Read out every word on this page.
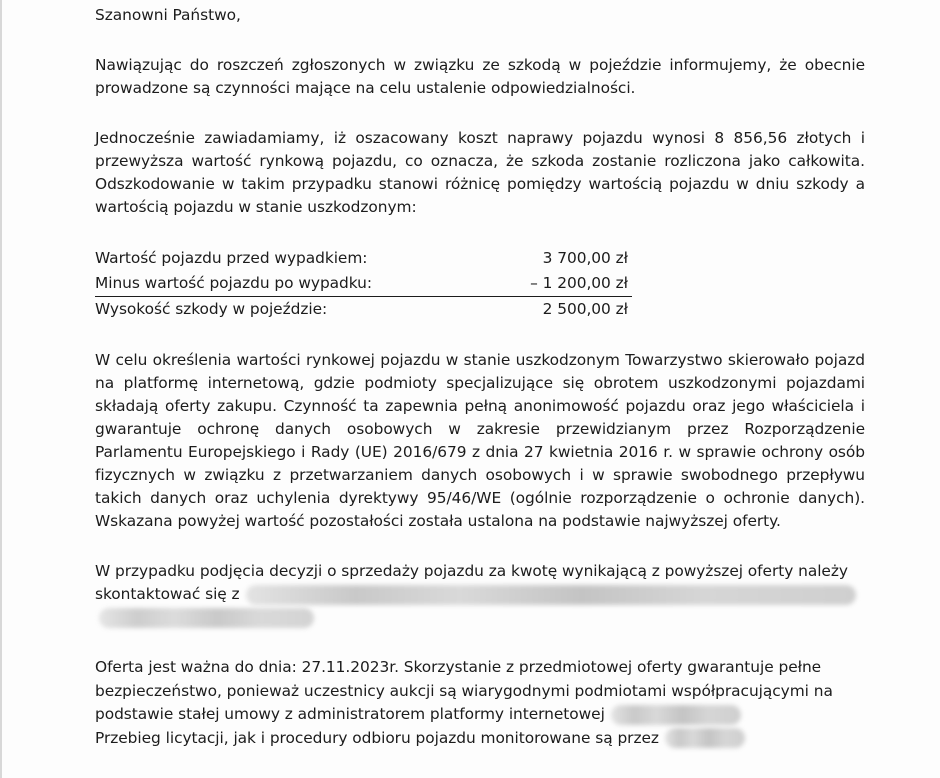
Szanowni Państwo,

Nawiązując do roszczeń zgłoszonych w związku ze szkodą w pojeździe informujemy, że obecnie prowadzone są czynności mające na celu ustalenie odpowiedzialności.

Jednocześnie zawiadamiamy, iż oszacowany koszt naprawy pojazdu wynosi 8 856,56 złotych i przewyższa wartość rynkową pojazdu, co oznacza, że szkoda zostanie rozliczona jako całkowita. Odszkodowanie w takim przypadku stanowi różnicę pomiędzy wartością pojazdu w dniu szkody a wartością pojazdu w stanie uszkodzonym:

Wartość pojazdu przed wypadkiem:	3 700,00 zł
Minus wartość pojazdu po wypadku:	– 1 200,00 zł
Wysokość szkody w pojeździe:	2 500,00 zł

W celu określenia wartości rynkowej pojazdu w stanie uszkodzonym Towarzystwo skierowało pojazd na platformę internetową, gdzie podmioty specjalizujące się obrotem uszkodzonymi pojazdami składają oferty zakupu. Czynność ta zapewnia pełną anonimowość pojazdu oraz jego właściciela i gwarantuje ochronę danych osobowych w zakresie przewidzianym przez Rozporządzenie Parlamentu Europejskiego i Rady (UE) 2016/679 z dnia 27 kwietnia 2016 r. w sprawie ochrony osób fizycznych w związku z przetwarzaniem danych osobowych i w sprawie swobodnego przepływu takich danych oraz uchylenia dyrektywy 95/46/WE (ogólnie rozporządzenie o ochronie danych). Wskazana powyżej wartość pozostałości została ustalona na podstawie najwyższej oferty.

W przypadku podjęcia decyzji o sprzedaży pojazdu za kwotę wynikającą z powyższej oferty należy

skontaktować się z

Oferta jest ważna do dnia: 27.11.2023r. Skorzystanie z przedmiotowej oferty gwarantuje pełne

bezpieczeństwo, ponieważ uczestnicy aukcji są wiarygodnymi podmiotami współpracującymi na

podstawie stałej umowy z administratorem platformy internetowej
Przebieg licytacji, jak i procedury odbioru pojazdu monitorowane są przez
